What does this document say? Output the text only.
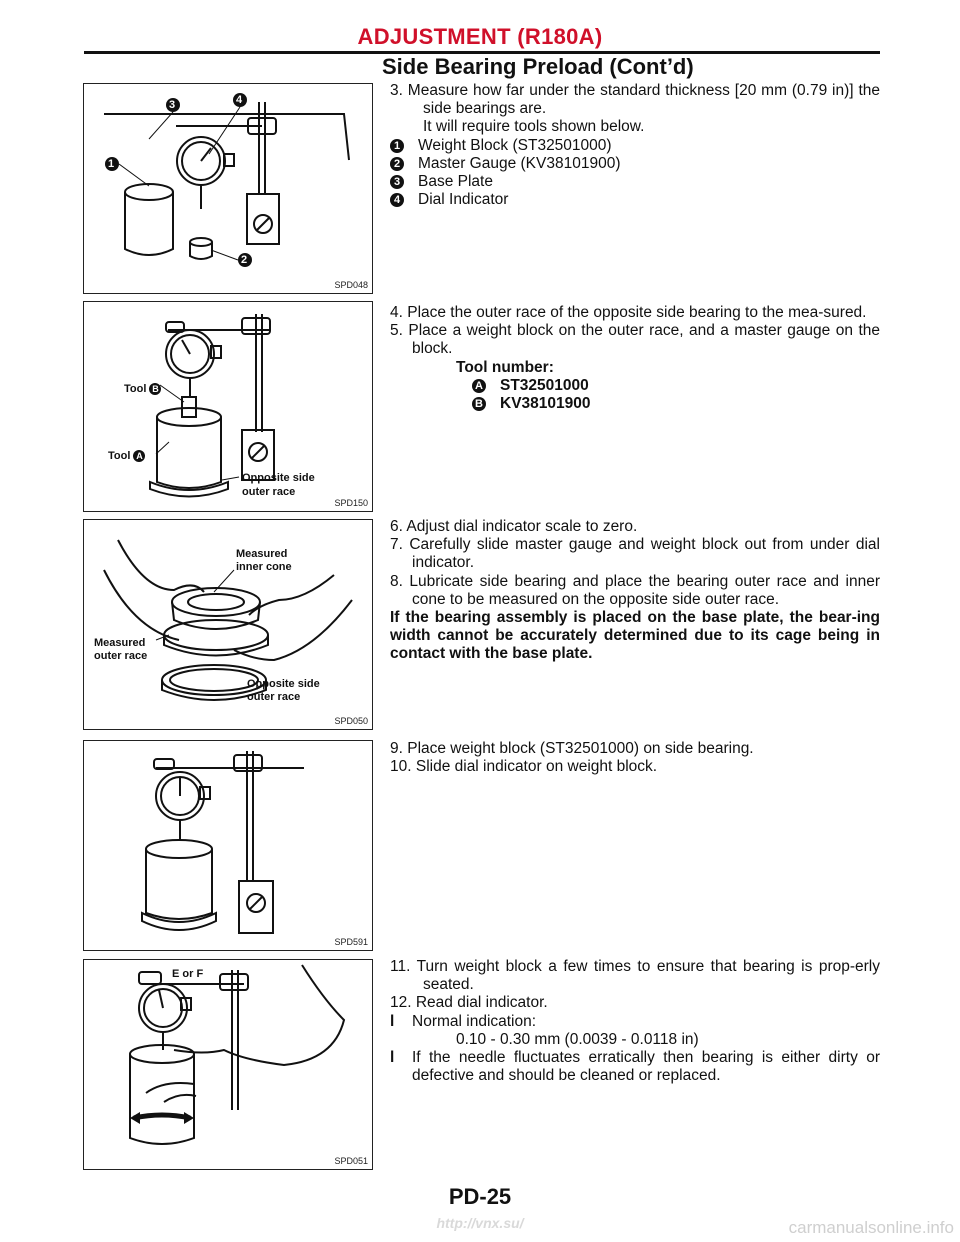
ADJUSTMENT (R180A)
Side Bearing Preload (Cont’d)
1
2
3	4
SPD048
Tool B
Tool A
Opposite side
outer race
SPD150
Measured
inner cone
Measured
outer race
Opposite side
outer race
SPD050
SPD591
E or F
SPD051

3. Measure how far under the standard thickness [20 mm (0.79 in)] the side bearings are.

It will require tools shown below.

1 Weight Block (ST32501000)
2 Master Gauge (KV38101900)
3 Base Plate
4 Dial Indicator

4. Place the outer race of the opposite side bearing to the mea-sured.

5. Place a weight block on the outer race, and a master gauge on the block.

Tool number:

A ST32501000
B KV38101900

6. Adjust dial indicator scale to zero.

7. Carefully slide master gauge and weight block out from under dial indicator.

8. Lubricate side bearing and place the bearing outer race and inner cone to be measured on the opposite side outer race.

If the bearing assembly is placed on the base plate, the bear-ing width cannot be accurately determined due to its cage being in contact with the base plate.

9. Place weight block (ST32501000) on side bearing.

10. Slide dial indicator on weight block.

11. Turn weight block a few times to ensure that bearing is prop-erly seated.

12. Read dial indicator.

l	Normal indication:

0.10 - 0.30 mm (0.0039 - 0.0118 in)

l	If the needle fluctuates erratically then bearing is either dirty or defective and should be cleaned or replaced.
PD-25
http://vnx.su/	carmanualsonline.info
